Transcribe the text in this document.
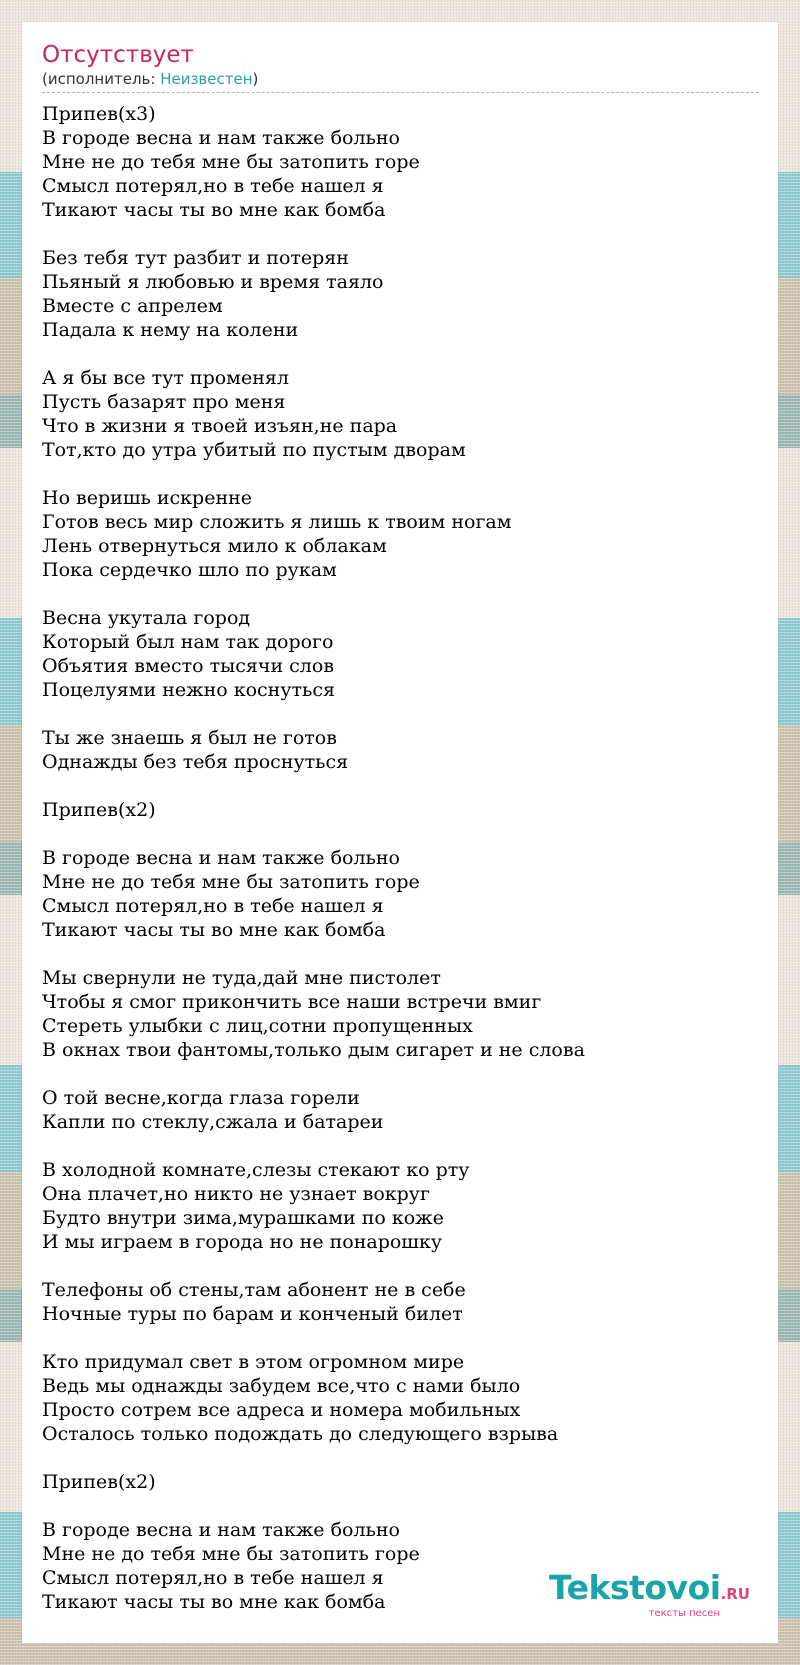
Отсутствует
(исполнитель: Неизвестен)
Припев(x3)
В городе весна и нам также больно
Мне не до тебя мне бы затопить горе
Смысл потерял,но в тебе нашел я
Тикают часы ты во мне как бомба
Без тебя тут разбит и потерян
Пьяный я любовью и время таяло
Вместе с апрелем
Падала к нему на колени
А я бы все тут променял
Пусть базарят про меня
Что в жизни я твоей изъян,не пара
Тот,кто до утра убитый по пустым дворам
Но веришь искренне
Готов весь мир сложить я лишь к твоим ногам
Лень отвернуться мило к облакам
Пока сердечко шло по рукам
Весна укутала город
Который был нам так дорого
Объятия вместо тысячи слов
Поцелуями нежно коснуться
Ты же знаешь я был не готов
Однажды без тебя проснуться
Припев(x2)
В городе весна и нам также больно
Мне не до тебя мне бы затопить горе
Смысл потерял,но в тебе нашел я
Тикают часы ты во мне как бомба
Мы свернули не туда,дай мне пистолет
Чтобы я смог прикончить все наши встречи вмиг
Стереть улыбки с лиц,сотни пропущенных
В окнах твои фантомы,только дым сигарет и не слова
О той весне,когда глаза горели
Капли по стеклу,сжала и батареи
В холодной комнате,слезы стекают ко рту
Она плачет,но никто не узнает вокруг
Будто внутри зима,мурашками по коже
И мы играем в города но не понарошку
Телефоны об стены,там абонент не в себе
Ночные туры по барам и конченый билет
Кто придумал свет в этом огромном мире
Ведь мы однажды забудем все,что с нами было
Просто сотрем все адреса и номера мобильных
Осталось только подождать до следующего взрыва
Припев(x2)
В городе весна и нам также больно
Мне не до тебя мне бы затопить горе
Смысл потерял,но в тебе нашел я
Тикают часы ты во мне как бомба	Tekstovoi.RU
тексты песен
